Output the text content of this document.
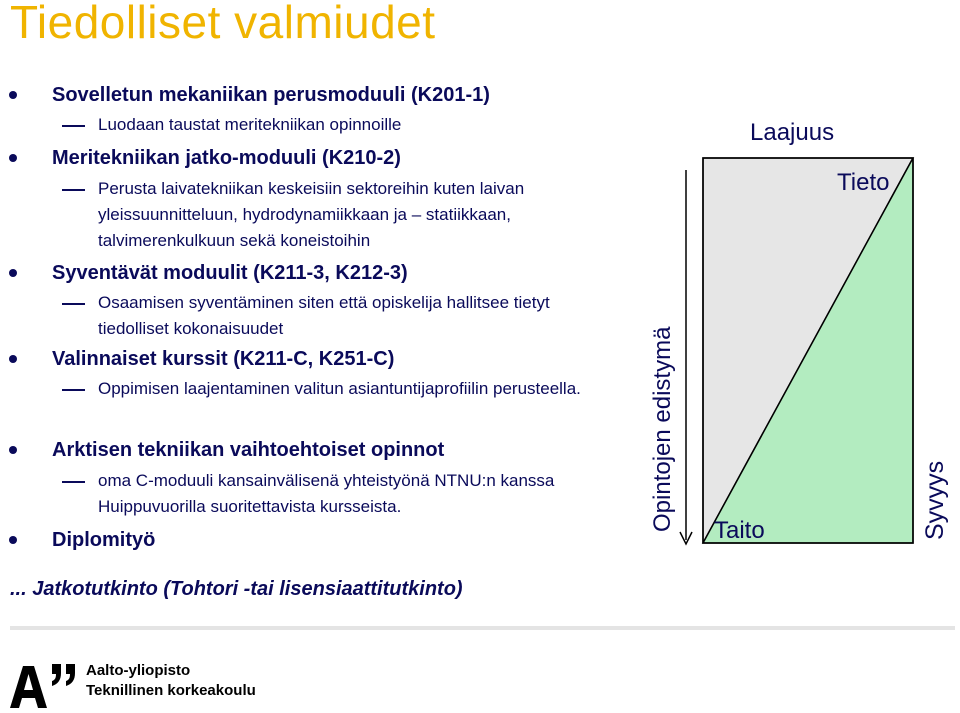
Tiedolliset valmiudet
Sovelletun mekaniikan perusmoduuli (K201-1)
Luodaan taustat meritekniikan opinnoille
Meritekniikan jatko-moduuli (K210-2)
Perusta laivatekniikan keskeisiin sektoreihin kuten laivan yleissuunnitteluun, hydrodynamiikkaan ja – statiikkaan, talvimerenkulkuun sekä koneistoihin
Syventävät moduulit (K211-3, K212-3)
Osaamisen syventäminen siten että opiskelija hallitsee tietyt tiedolliset kokonaisuudet
Valinnaiset kurssit (K211-C, K251-C)
Oppimisen laajentaminen valitun asiantuntijaprofiilin perusteella.
Arktisen tekniikan vaihtoehtoiset opinnot
oma C-moduuli kansainvälisenä yhteistyönä NTNU:n kanssa Huippuvuorilla suoritettavista kursseista.
Diplomityö
... Jatkotutkinto (Tohtori -tai lisensiaattitutkinto)
Laajuus
Tieto
Taito	Syvyys
Opintojen edistymä
Aalto-yliopisto
Teknillinen korkeakoulu
